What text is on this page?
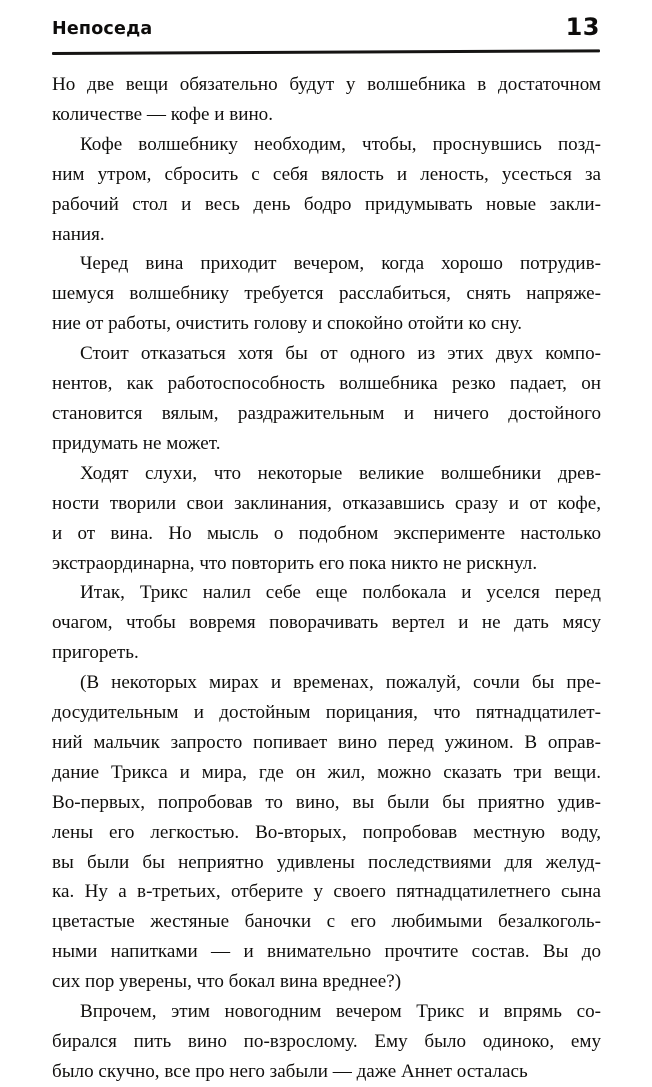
Непоседа	13

Но две вещи обязательно будут у волшебника в достаточном
количестве — кофе и вино.

Кофе волшебнику необходим, чтобы, проснувшись позд-
ним утром, сбросить с себя вялость и леность, усесться за
рабочий стол и весь день бодро придумывать новые закли-
нания.

Черед вина приходит вечером, когда хорошо потрудив-
шемуся волшебнику требуется расслабиться, снять напряже-
ние от работы, очистить голову и спокойно отойти ко сну.

Стоит отказаться хотя бы от одного из этих двух компо-
нентов, как работоспособность волшебника резко падает, он
становится вялым, раздражительным и ничего достойного
придумать не может.

Ходят слухи, что некоторые великие волшебники древ-
ности творили свои заклинания, отказавшись сразу и от кофе,
и от вина. Но мысль о подобном эксперименте настолько
экстраординарна, что повторить его пока никто не рискнул.

Итак, Трикс налил себе еще полбокала и уселся перед
очагом, чтобы вовремя поворачивать вертел и не дать мясу
пригореть.

(В некоторых мирах и временах, пожалуй, сочли бы пре-
досудительным и достойным порицания, что пятнадцатилет-
ний мальчик запросто попивает вино перед ужином. В оправ-
дание Трикса и мира, где он жил, можно сказать три вещи.
Во-первых, попробовав то вино, вы были бы приятно удив-
лены его легкостью. Во-вторых, попробовав местную воду,
вы были бы неприятно удивлены последствиями для желуд-
ка. Ну а в-третьих, отберите у своего пятнадцатилетнего сына
цветастые жестяные баночки с его любимыми безалкоголь-
ными напитками — и внимательно прочтите состав. Вы до
сих пор уверены, что бокал вина вреднее?)

Впрочем, этим новогодним вечером Трикс и впрямь со-
бирался пить вино по-взрослому. Ему было одиноко, ему
было скучно, все про него забыли — даже Аннет осталась
